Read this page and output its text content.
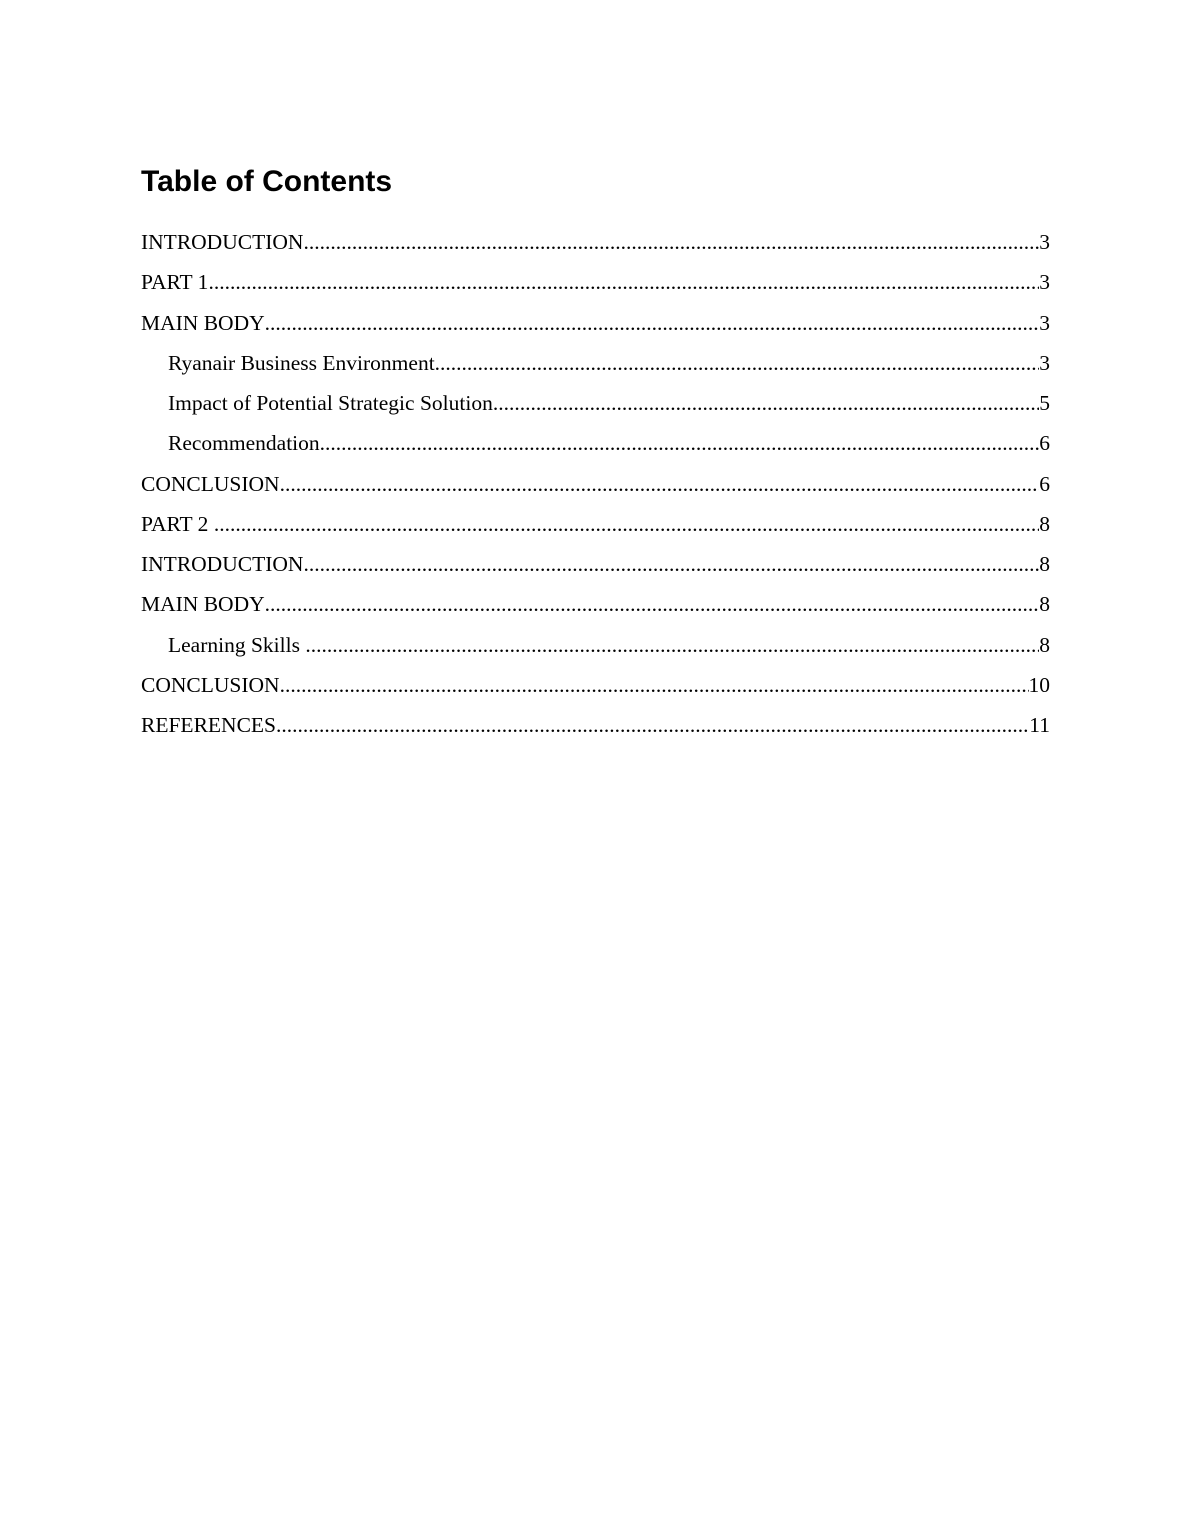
Table of Contents
INTRODUCTION .....	3
PART 1 .....	3
MAIN BODY .....	3
Ryanair Business Environment .....	3
Impact of Potential Strategic Solution .....	5
Recommendation .....	6
CONCLUSION .....	6
PART 2 .....	8
INTRODUCTION .....	8
MAIN BODY .....	8
Learning Skills .....	8
CONCLUSION .....	10
REFERENCES .....	11
